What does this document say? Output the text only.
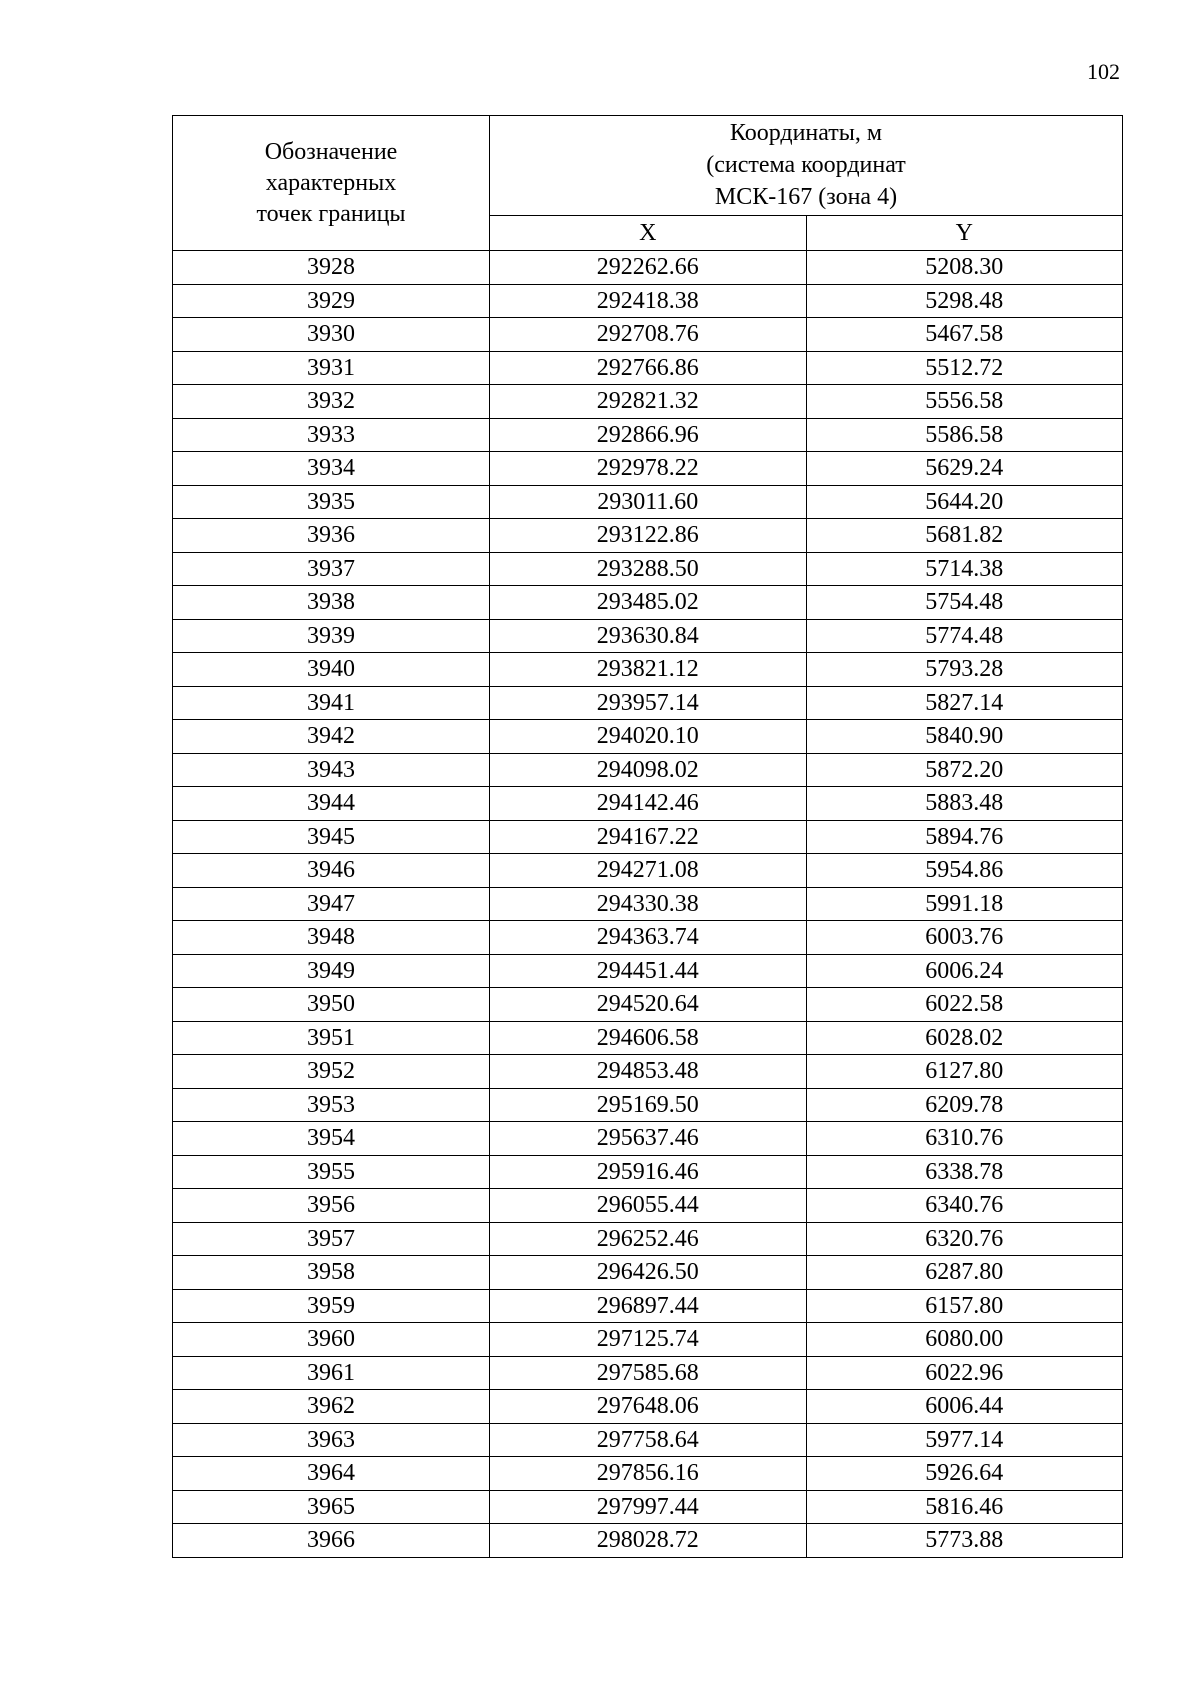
102
Обозначение
характерных
точек границы	Координаты, м
(система координат
МСК-167 (зона 4)	

	X	Y
3928	292262.66	5208.30
3929	292418.38	5298.48
3930	292708.76	5467.58
3931	292766.86	5512.72
3932	292821.32	5556.58
3933	292866.96	5586.58
3934	292978.22	5629.24
3935	293011.60	5644.20
3936	293122.86	5681.82
3937	293288.50	5714.38
3938	293485.02	5754.48
3939	293630.84	5774.48
3940	293821.12	5793.28
3941	293957.14	5827.14
3942	294020.10	5840.90
3943	294098.02	5872.20
3944	294142.46	5883.48
3945	294167.22	5894.76
3946	294271.08	5954.86
3947	294330.38	5991.18
3948	294363.74	6003.76
3949	294451.44	6006.24
3950	294520.64	6022.58
3951	294606.58	6028.02
3952	294853.48	6127.80
3953	295169.50	6209.78
3954	295637.46	6310.76
3955	295916.46	6338.78
3956	296055.44	6340.76
3957	296252.46	6320.76
3958	296426.50	6287.80
3959	296897.44	6157.80
3960	297125.74	6080.00
3961	297585.68	6022.96
3962	297648.06	6006.44
3963	297758.64	5977.14
3964	297856.16	5926.64
3965	297997.44	5816.46
3966	298028.72	5773.88
